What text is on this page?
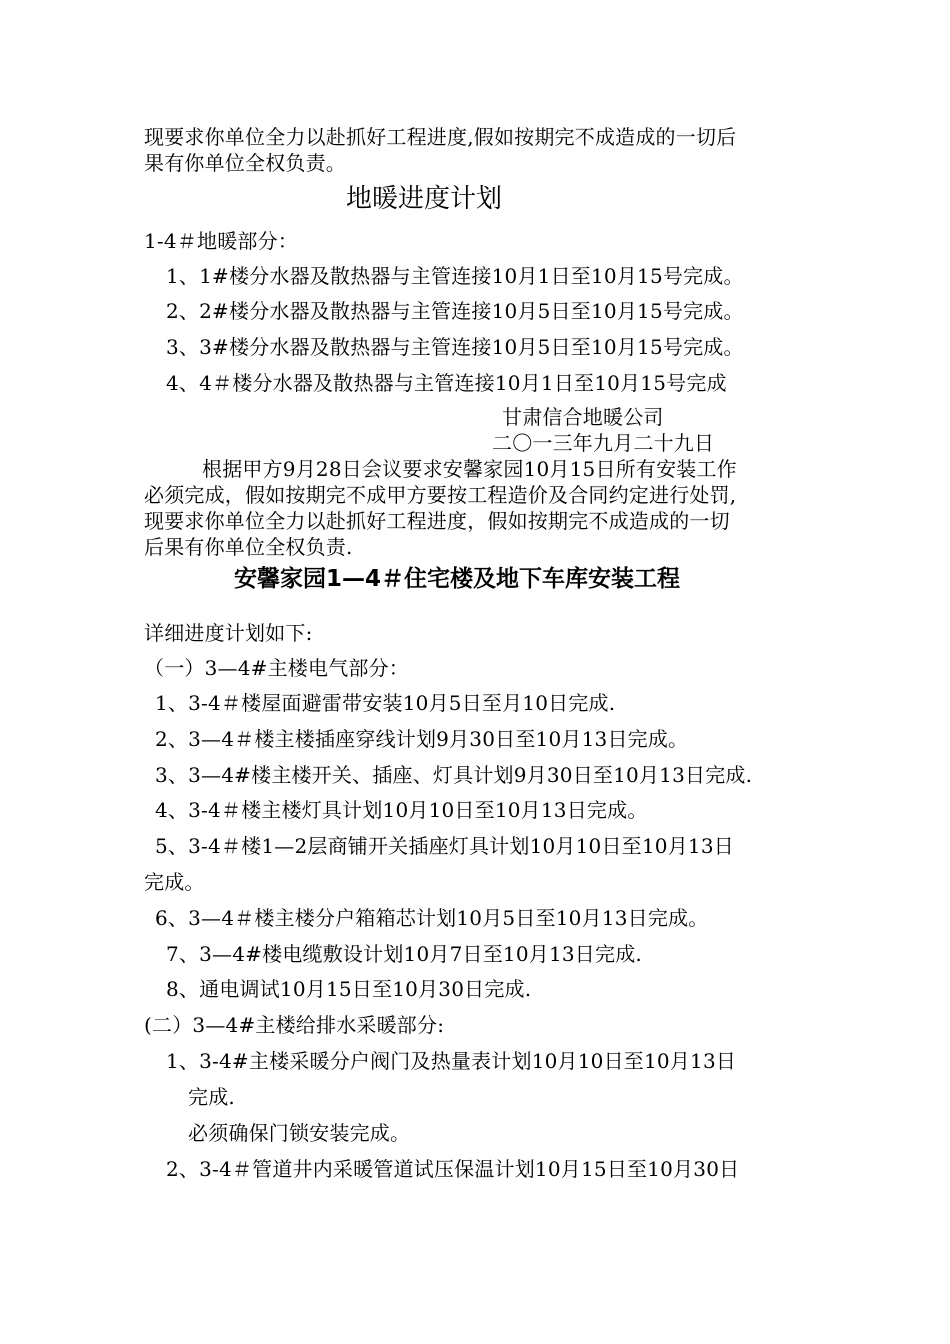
现要求你单位全力以赴抓好工程进度,假如按期完不成造成的一切后
果有你单位全权负责。
地暖进度计划
1-4＃地暖部分：
1、1#楼分水器及散热器与主管连接10月1日至10月15号完成。
2、2#楼分水器及散热器与主管连接10月5日至10月15号完成。
3、3#楼分水器及散热器与主管连接10月5日至10月15号完成。
4、4＃楼分水器及散热器与主管连接10月1日至10月15号完成
甘肃信合地暖公司
二〇一三年九月二十九日
根据甲方9月28日会议要求安馨家园10月15日所有安装工作
必须完成，假如按期完不成甲方要按工程造价及合同约定进行处罚,
现要求你单位全力以赴抓好工程进度，假如按期完不成造成的一切
后果有你单位全权负责.
安馨家园1—4＃住宅楼及地下车库安装工程
详细进度计划如下:
（一）3—4#主楼电气部分：
1、3-4＃楼屋面避雷带安装10月5日至月10日完成.
2、3—4＃楼主楼插座穿线计划9月30日至10月13日完成。
3、3—4#楼主楼开关、插座、灯具计划9月30日至10月13日完成.
4、3-4＃楼主楼灯具计划10月10日至10月13日完成。
5、3-4＃楼1—2层商铺开关插座灯具计划10月10日至10月13日
完成。
6、3—4＃楼主楼分户箱箱芯计划10月5日至10月13日完成。
7、3—4#楼电缆敷设计划10月7日至10月13日完成.
8、通电调试10月15日至10月30日完成.
(二）3—4#主楼给排水采暖部分:
1、3-4#主楼采暖分户阀门及热量表计划10月10日至10月13日
完成.
必须确保门锁安装完成。
2、3-4＃管道井内采暖管道试压保温计划10月15日至10月30日
